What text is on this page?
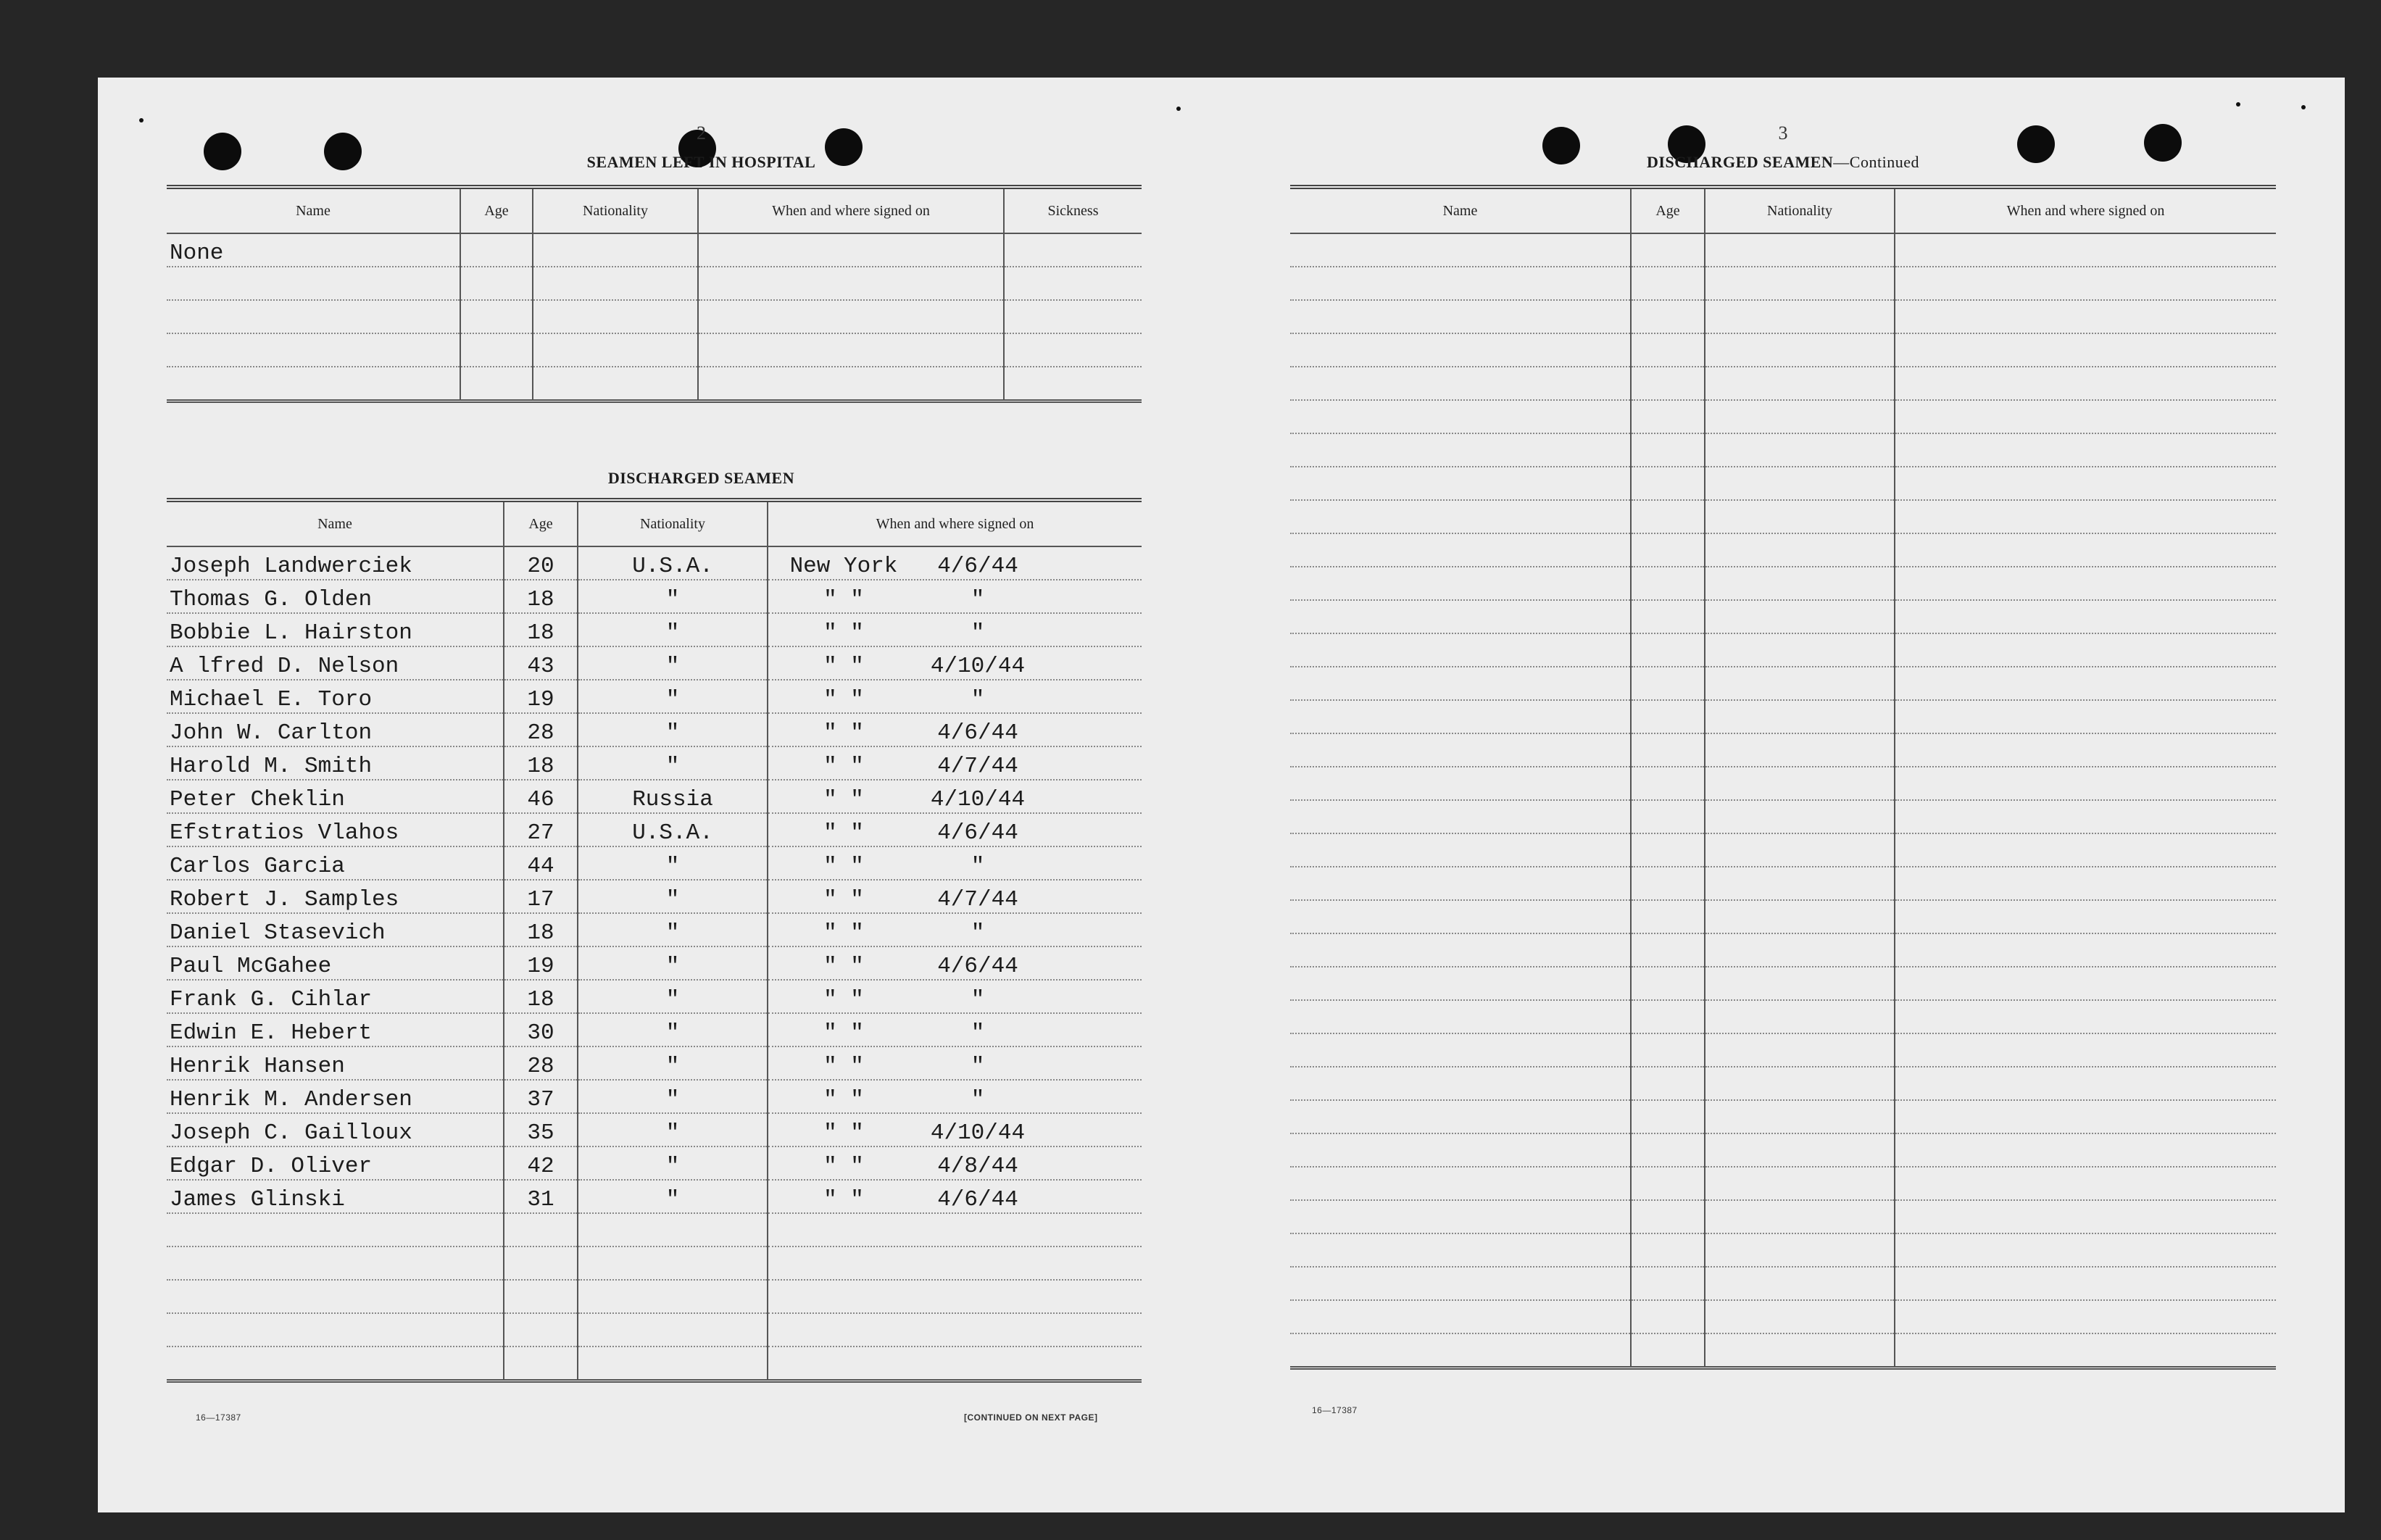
2
SEAMEN LEFT IN HOSPITAL
Name	Age	Nationality	When and where signed on	Sickness
None				

DISCHARGED SEAMEN
Name	Age	Nationality	When and where signed on
Joseph Landwerciek	20	U.S.A.	New York 4/6/44
Thomas G. Olden	18	"	" " "
Bobbie L. Hairston	18	"	" " "
A lfred D. Nelson	43	"	" " 4/10/44
Michael E. Toro	19	"	" " "
John W. Carlton	28	"	" " 4/6/44
Harold M. Smith	18	"	" " 4/7/44
Peter Cheklin	46	Russia	" " 4/10/44
Efstratios Vlahos	27	U.S.A.	" " 4/6/44
Carlos Garcia	44	"	" " "
Robert J. Samples	17	"	" " 4/7/44
Daniel Stasevich	18	"	" " "
Paul McGahee	19	"	" " 4/6/44
Frank G. Cihlar	18	"	" " "
Edwin E. Hebert	30	"	" " "
Henrik Hansen	28	"	" " "
Henrik M. Andersen	37	"	" " "
Joseph C. Gailloux	35	"	" " 4/10/44
Edgar D. Oliver	42	"	" " 4/8/44
James Glinski	31	"	" " 4/6/44

16—17387	[CONTINUED ON NEXT PAGE]
3
DISCHARGED SEAMEN—Continued
Name	Age	Nationality	When and where signed on

16—17387
